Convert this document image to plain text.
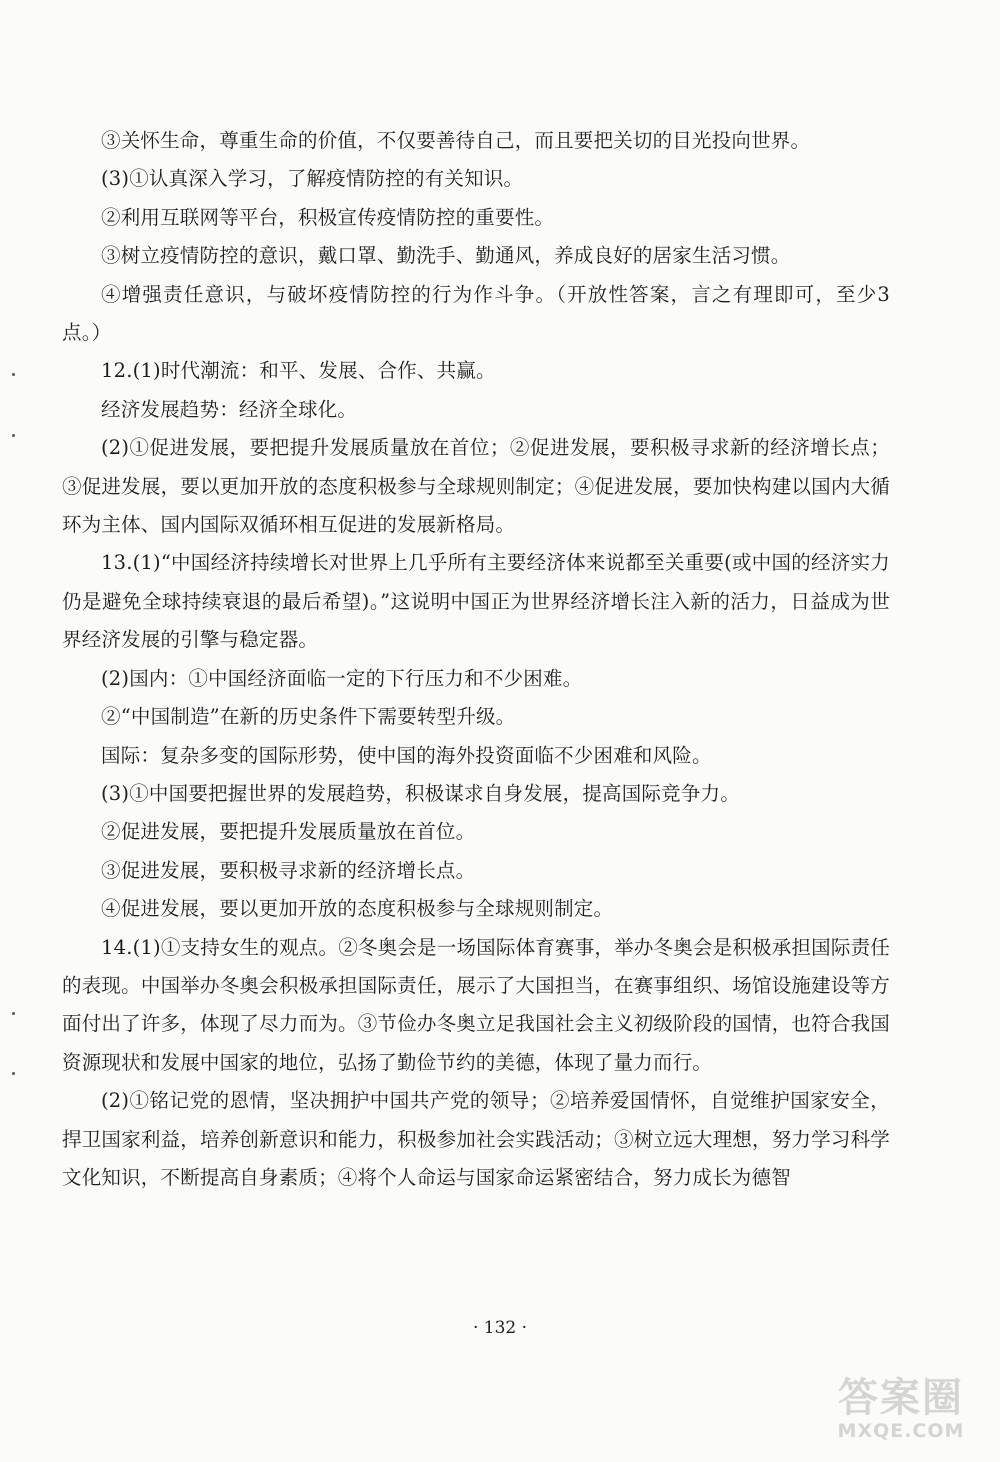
③关怀生命，尊重生命的价值，不仅要善待自己，而且要把关切的目光投向世界。

(3)①认真深入学习，了解疫情防控的有关知识。

②利用互联网等平台，积极宣传疫情防控的重要性。

③树立疫情防控的意识，戴口罩、勤洗手、勤通风，养成良好的居家生活习惯。

④增强责任意识，与破坏疫情防控的行为作斗争。（开放性答案，言之有理即可，至少3点。）

12.(1)时代潮流：和平、发展、合作、共赢。

经济发展趋势：经济全球化。

(2)①促进发展，要把提升发展质量放在首位；②促进发展，要积极寻求新的经济增长点；③促进发展，要以更加开放的态度积极参与全球规则制定；④促进发展，要加快构建以国内大循环为主体、国内国际双循环相互促进的发展新格局。

13.(1)“中国经济持续增长对世界上几乎所有主要经济体来说都至关重要(或中国的经济实力仍是避免全球持续衰退的最后希望)。”这说明中国正为世界经济增长注入新的活力，日益成为世界经济发展的引擎与稳定器。

(2)国内：①中国经济面临一定的下行压力和不少困难。

②“中国制造”在新的历史条件下需要转型升级。

国际：复杂多变的国际形势，使中国的海外投资面临不少困难和风险。

(3)①中国要把握世界的发展趋势，积极谋求自身发展，提高国际竞争力。

②促进发展，要把提升发展质量放在首位。

③促进发展，要积极寻求新的经济增长点。

④促进发展，要以更加开放的态度积极参与全球规则制定。

14.(1)①支持女生的观点。②冬奥会是一场国际体育赛事，举办冬奥会是积极承担国际责任的表现。中国举办冬奥会积极承担国际责任，展示了大国担当，在赛事组织、场馆设施建设等方面付出了许多，体现了尽力而为。③节俭办冬奥立足我国社会主义初级阶段的国情，也符合我国资源现状和发展中国家的地位，弘扬了勤俭节约的美德，体现了量力而行。

(2)①铭记党的恩情，坚决拥护中国共产党的领导；②培养爱国情怀，自觉维护国家安全，捍卫国家利益，培养创新意识和能力，积极参加社会实践活动；③树立远大理想，努力学习科学文化知识，不断提高自身素质；④将个人命运与国家命运紧密结合，努力成长为德智

· 132 ·
答案圈
MXQE.COM
